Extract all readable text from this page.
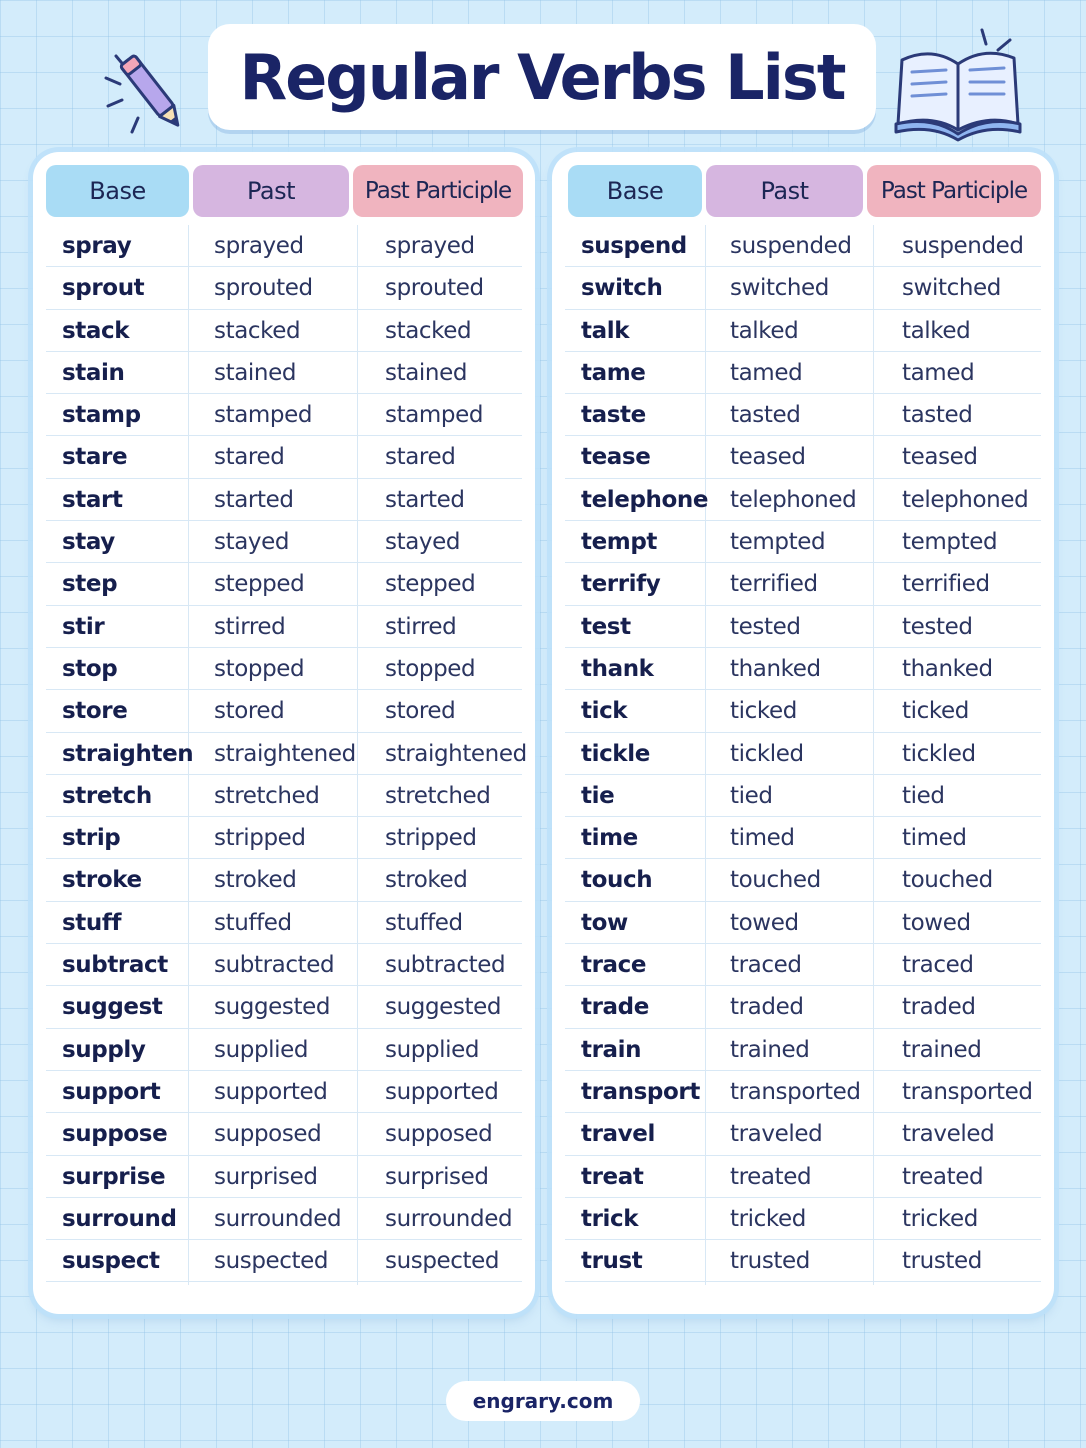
Regular Verbs List
Base	Past	Past Participle
spray	sprayed	sprayed
sprout	sprouted	sprouted
stack	stacked	stacked
stain	stained	stained
stamp	stamped	stamped
stare	stared	stared
start	started	started
stay	stayed	stayed
step	stepped	stepped
stir	stirred	stirred
stop	stopped	stopped
store	stored	stored
straighten straightened straightened
stretch	stretched	stretched
strip	stripped	stripped
stroke	stroked	stroked
stuff	stuffed	stuffed
subtract subtracted subtracted
suggest suggested suggested
supply	supplied	supplied
support supported	supported
suppose supposed	supposed
surprise surprised	surprised
surround surrounded surrounded
suspect suspected suspected
Base	Past	Past Participle
suspend suspended suspended
switch	switched	switched
talk	talked	talked
tame	tamed	tamed
taste	tasted	tasted
tease	teased	teased
telephone telephoned telephoned
tempt	tempted	tempted
terrify	terrified	terrified
test	tested	tested
thank	thanked	thanked
tick	ticked	ticked
tickle	tickled	tickled
tie	tied	tied
time	timed	timed
touch	touched	touched
tow	towed	towed
trace	traced	traced
trade	traded	traded
train	trained	trained
transport transported transported
travel	traveled	traveled
treat	treated	treated
trick	tricked	tricked
trust	trusted	trusted
engrary.com
